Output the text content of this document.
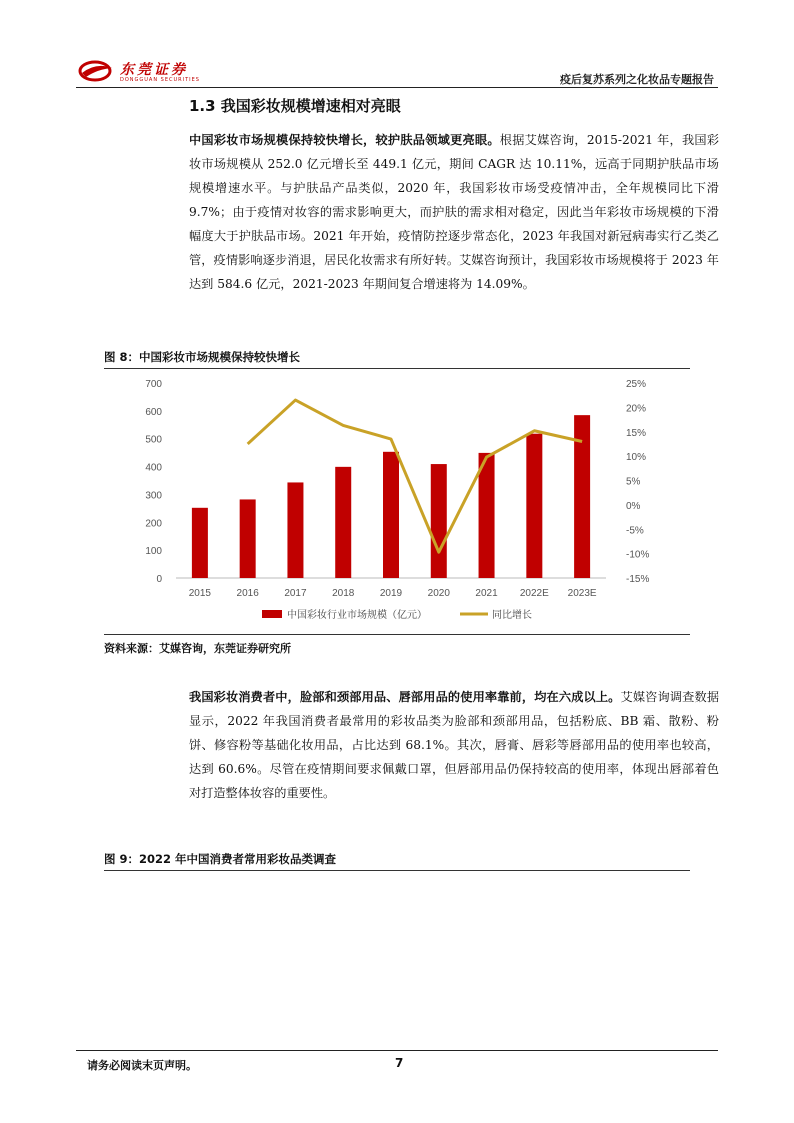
东莞证券
DONGGUAN SECURITIES	疫后复苏系列之化妆品专题报告
1.3 我国彩妆规模增速相对亮眼
中国彩妆市场规模保持较快增长，较护肤品领域更亮眼。根据艾媒咨询，2015-2021 年，我国彩妆市场规模从 252.0 亿元增长至 449.1 亿元，期间 CAGR 达 10.11%，远高于同期护肤品市场规模增速水平。与护肤品产品类似，2020 年，我国彩妆市场受疫情冲击，全年规模同比下滑 9.7%；由于疫情对妆容的需求影响更大，而护肤的需求相对稳定，因此当年彩妆市场规模的下滑幅度大于护肤品市场。2021 年开始，疫情防控逐步常态化，2023 年我国对新冠病毒实行乙类乙管，疫情影响逐步消退，居民化妆需求有所好转。艾媒咨询预计，我国彩妆市场规模将于 2023 年达到 584.6 亿元，2021-2023 年期间复合增速将为 14.09%。
图 8：中国彩妆市场规模保持较快增长
0
100
200
300
400
500
600
700
-15%
-10%
-5%
0%
5%
10%
15%
20%
25%
2015	2016	2017	2018	2019	2020	2021 2022E 2023E
中国彩妆行业市场规模（亿元）	同比增长
资料来源：艾媒咨询，东莞证券研究所
我国彩妆消费者中，脸部和颈部用品、唇部用品的使用率靠前，均在六成以上。艾媒咨询调查数据显示，2022 年我国消费者最常用的彩妆品类为脸部和颈部用品，包括粉底、BB 霜、散粉、粉饼、修容粉等基础化妆用品，占比达到 68.1%。其次，唇膏、唇彩等唇部用品的使用率也较高，达到 60.6%。尽管在疫情期间要求佩戴口罩，但唇部用品仍保持较高的使用率，体现出唇部着色对打造整体妆容的重要性。
图 9：2022 年中国消费者常用彩妆品类调查
请务必阅读末页声明。	7
